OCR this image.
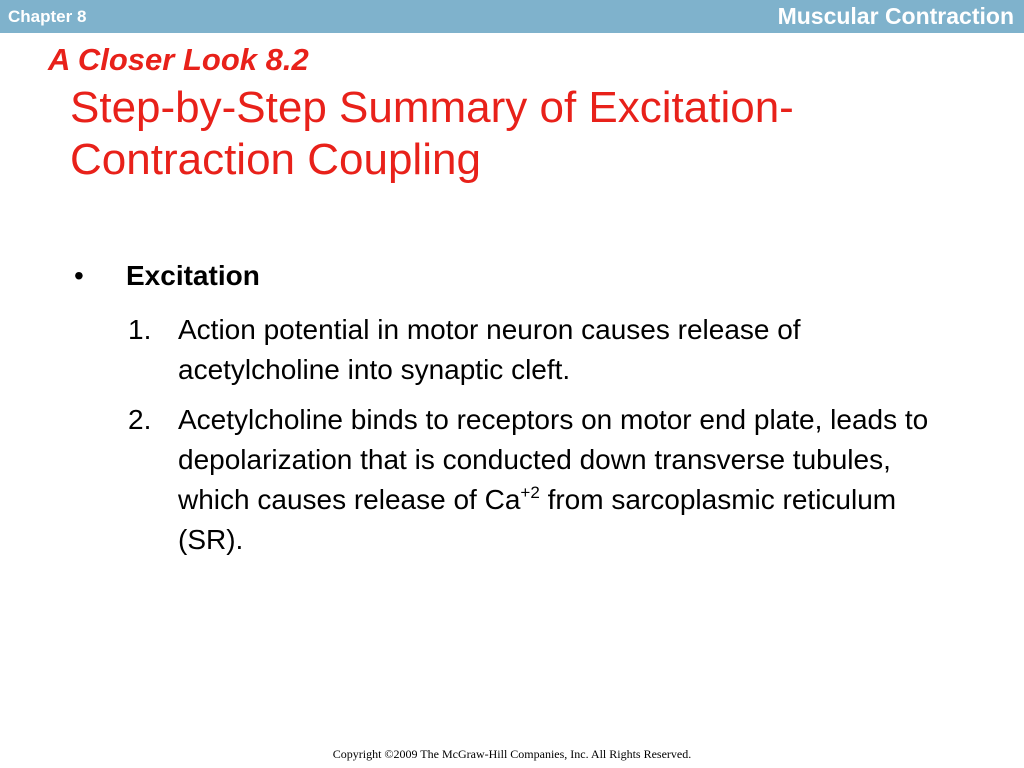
Chapter 8	Muscular Contraction
A Closer Look 8.2
Step-by-Step Summary of Excitation-Contraction Coupling
• Excitation
1. Action potential in motor neuron causes release of acetylcholine into synaptic cleft.
2. Acetylcholine binds to receptors on motor end plate, leads to depolarization that is conducted down transverse tubules, which causes release of $Ca^{+2}$ from sarcoplasmic reticulum (SR).
Copyright ©2009 The McGraw-Hill Companies, Inc. All Rights Reserved.
